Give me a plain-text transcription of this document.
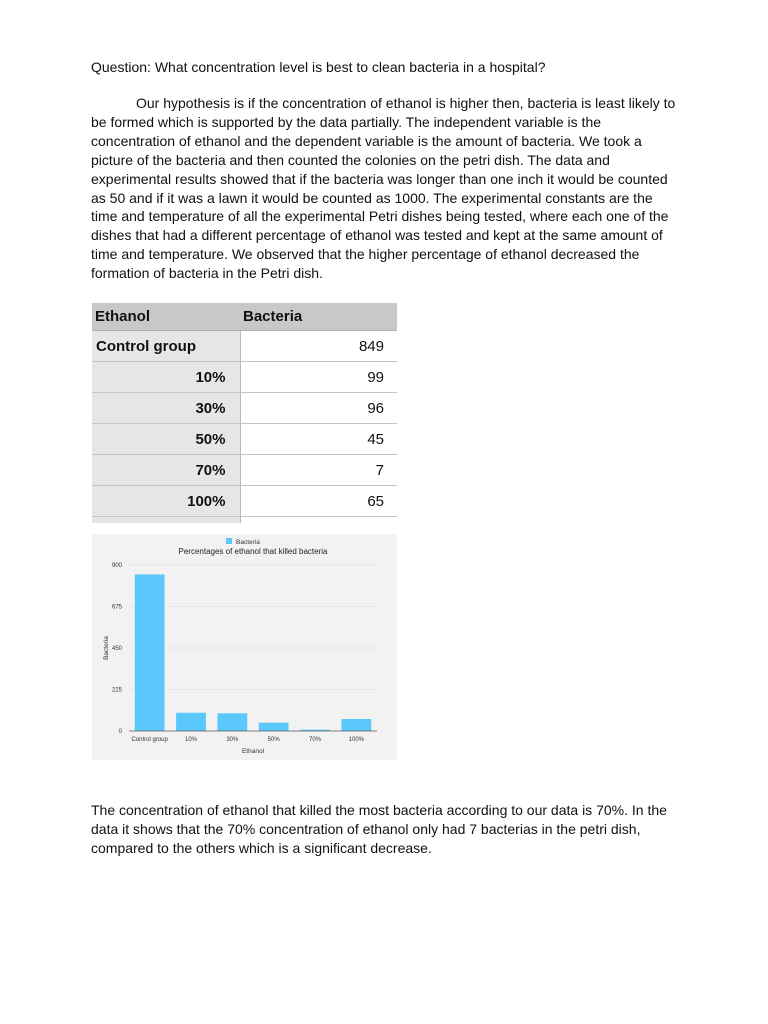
Question: What concentration level is best to clean bacteria in a hospital?

Our hypothesis is if the concentration of ethanol is higher then, bacteria is least likely to be formed which is supported by the data partially. The independent variable is the concentration of ethanol and the dependent variable is the amount of bacteria. We took a picture of the bacteria and then counted the colonies on the petri dish. The data and experimental results showed that if the bacteria was longer than one inch it would be counted as 50 and if it was a lawn it would be counted as 1000. The experimental constants are the time and temperature of all the experimental Petri dishes being tested, where each one of the dishes that had a different percentage of ethanol was tested and kept at the same amount of time and temperature. We observed that the higher percentage of ethanol decreased the formation of bacteria in the Petri dish.

Ethanol	Bacteria
Control group	849
10%	99
30%	96
50%	45
70%	7
100%	65

Bacteria
Percentages of ethanol that killed bacteria
0
225
450
675
900
Bacteria
Control group	10%	30%	50%	70%	100%
Ethanol

The concentration of ethanol that killed the most bacteria according to our data is 70%. In the data it shows that the 70% concentration of ethanol only had 7 bacterias in the petri dish, compared to the others which is a significant decrease.
